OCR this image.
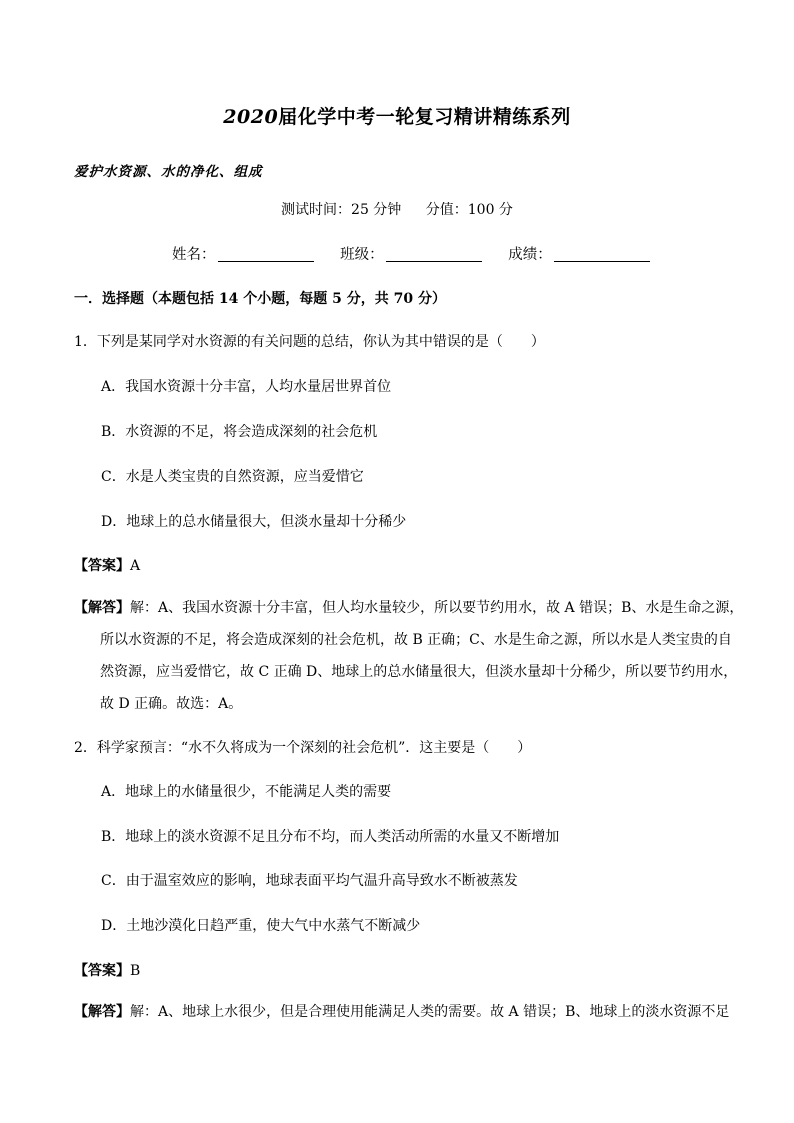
2020届化学中考一轮复习精讲精练系列
爱护水资源、水的净化、组成
测试时间：25 分钟 分值：100 分
姓名：	班级：	成绩：
一．选择题（本题包括 14 个小题，每题 5 分，共 70 分）
1．下列是某同学对水资源的有关问题的总结，你认为其中错误的是（　　）
A．我国水资源十分丰富，人均水量居世界首位
B．水资源的不足，将会造成深刻的社会危机
C．水是人类宝贵的自然资源，应当爱惜它
D．地球上的总水储量很大，但淡水量却十分稀少
【答案】A
【解答】解：A、我国水资源十分丰富，但人均水量较少，所以要节约用水，故 A 错误；B、水是生命之源，
所以水资源的不足，将会造成深刻的社会危机，故 B 正确；C、水是生命之源，所以水是人类宝贵的自
然资源，应当爱惜它，故 C 正确 D、地球上的总水储量很大，但淡水量却十分稀少，所以要节约用水，
故 D 正确。故选：A。
2．科学家预言：“水不久将成为一个深刻的社会危机”．这主要是（　　）
A．地球上的水储量很少，不能满足人类的需要
B．地球上的淡水资源不足且分布不均，而人类活动所需的水量又不断增加
C．由于温室效应的影响，地球表面平均气温升高导致水不断被蒸发
D．土地沙漠化日趋严重，使大气中水蒸气不断减少
【答案】B
【解答】解：A、地球上水很少，但是合理使用能满足人类的需要。故 A 错误；B、地球上的淡水资源不足
